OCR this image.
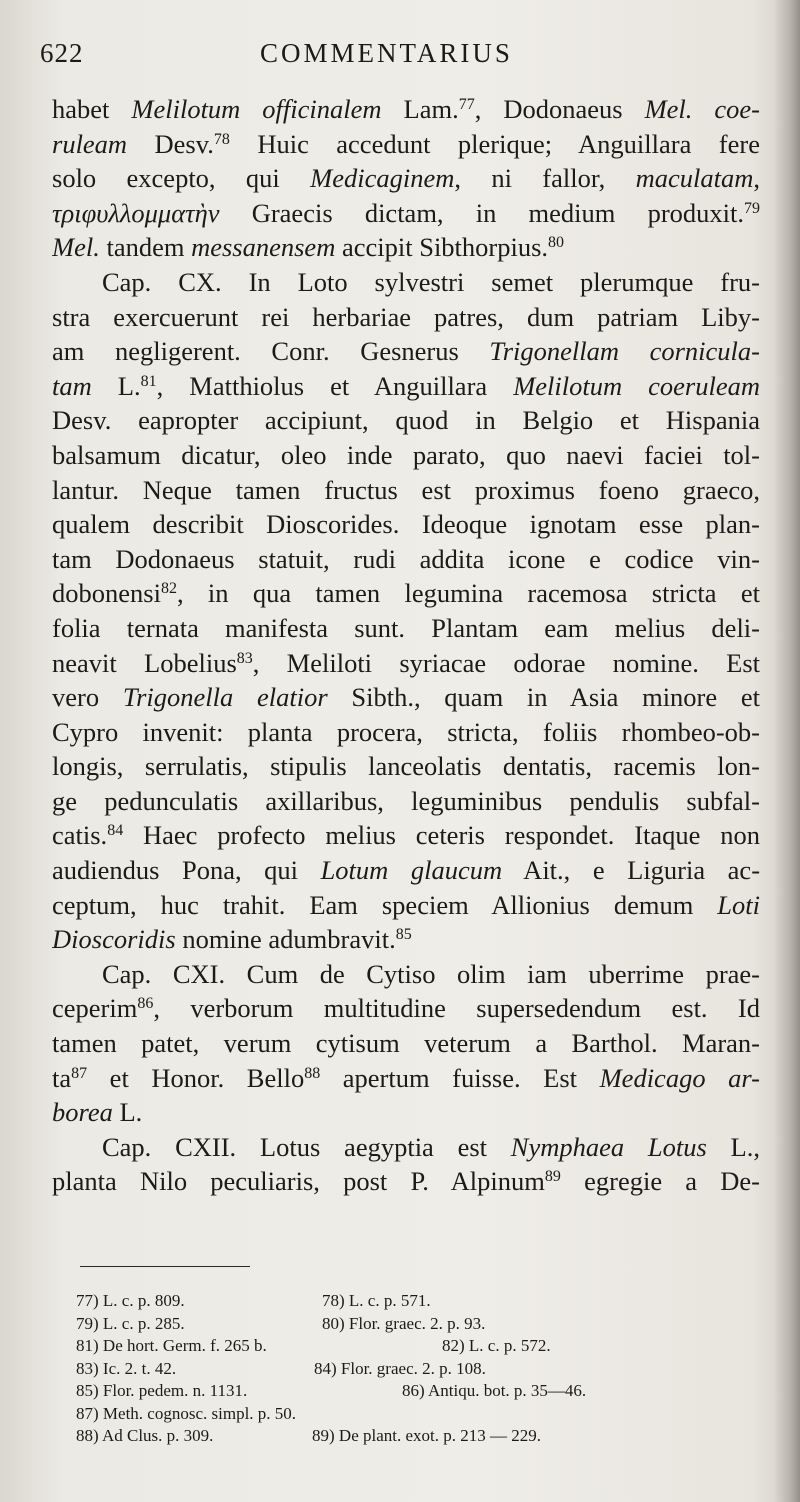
622	COMMENTARIUS
habet Melilotum officinalem Lam.$^{77}$, Dodonaeus Mel. coe-
ruleam Desv.$^{78}$ Huic accedunt plerique; Anguillara fere
solo excepto, qui Medicaginem, ni fallor, maculatam,
τριφυλλομματὴν Graecis dictam, in medium produxit.$^{79}$
Mel. tandem messanensem accipit Sibthorpius.$^{80}$
Cap. CX. In Loto sylvestri semet plerumque fru-
stra exercuerunt rei herbariae patres, dum patriam Liby-
am negligerent. Conr. Gesnerus Trigonellam cornicula-
tam L.$^{81}$, Matthiolus et Anguillara Melilotum coeruleam
Desv. eapropter accipiunt, quod in Belgio et Hispania
balsamum dicatur, oleo inde parato, quo naevi faciei tol-
lantur. Neque tamen fructus est proximus foeno graeco,
qualem describit Dioscorides. Ideoque ignotam esse plan-
tam Dodonaeus statuit, rudi addita icone e codice vin-
dobonensi$^{82}$, in qua tamen legumina racemosa stricta et
folia ternata manifesta sunt. Plantam eam melius deli-
neavit Lobelius$^{83}$, Meliloti syriacae odorae nomine. Est
vero Trigonella elatior Sibth., quam in Asia minore et
Cypro invenit: planta procera, stricta, foliis rhombeo-ob-
longis, serrulatis, stipulis lanceolatis dentatis, racemis lon-
ge pedunculatis axillaribus, leguminibus pendulis subfal-
catis.$^{84}$ Haec profecto melius ceteris respondet. Itaque non
audiendus Pona, qui Lotum glaucum Ait., e Liguria ac-
ceptum, huc trahit. Eam speciem Allionius demum Loti
Dioscoridis nomine adumbravit.$^{85}$
Cap. CXI. Cum de Cytiso olim iam uberrime prae-
ceperim$^{86}$, verborum multitudine supersedendum est. Id
tamen patet, verum cytisum veterum a Barthol. Maran-
$ta^{87}$ et Honor. Bello$^{88}$ apertum fuisse. Est Medicago ar-
borea L.
Cap. CXII. Lotus aegyptia est Nymphaea Lotus L.,
planta Nilo peculiaris, post P. Alpinum$^{89}$ egregie a De-
77) L. c. p. 809.	78) L. c. p. 571.
79) L. c. p. 285.	80) Flor. graec. 2. p. 93.
81) De hort. Germ. f. 265 b.	82) L. c. p. 572.
83) Ic. 2. t. 42.	84) Flor. graec. 2. p. 108.
85) Flor. pedem. n. 1131.	86) Antiqu. bot. p. 35—46.
87) Meth. cognosc. simpl. p. 50.
88) Ad Clus. p. 309.	89) De plant. exot. p. 213 — 229.
